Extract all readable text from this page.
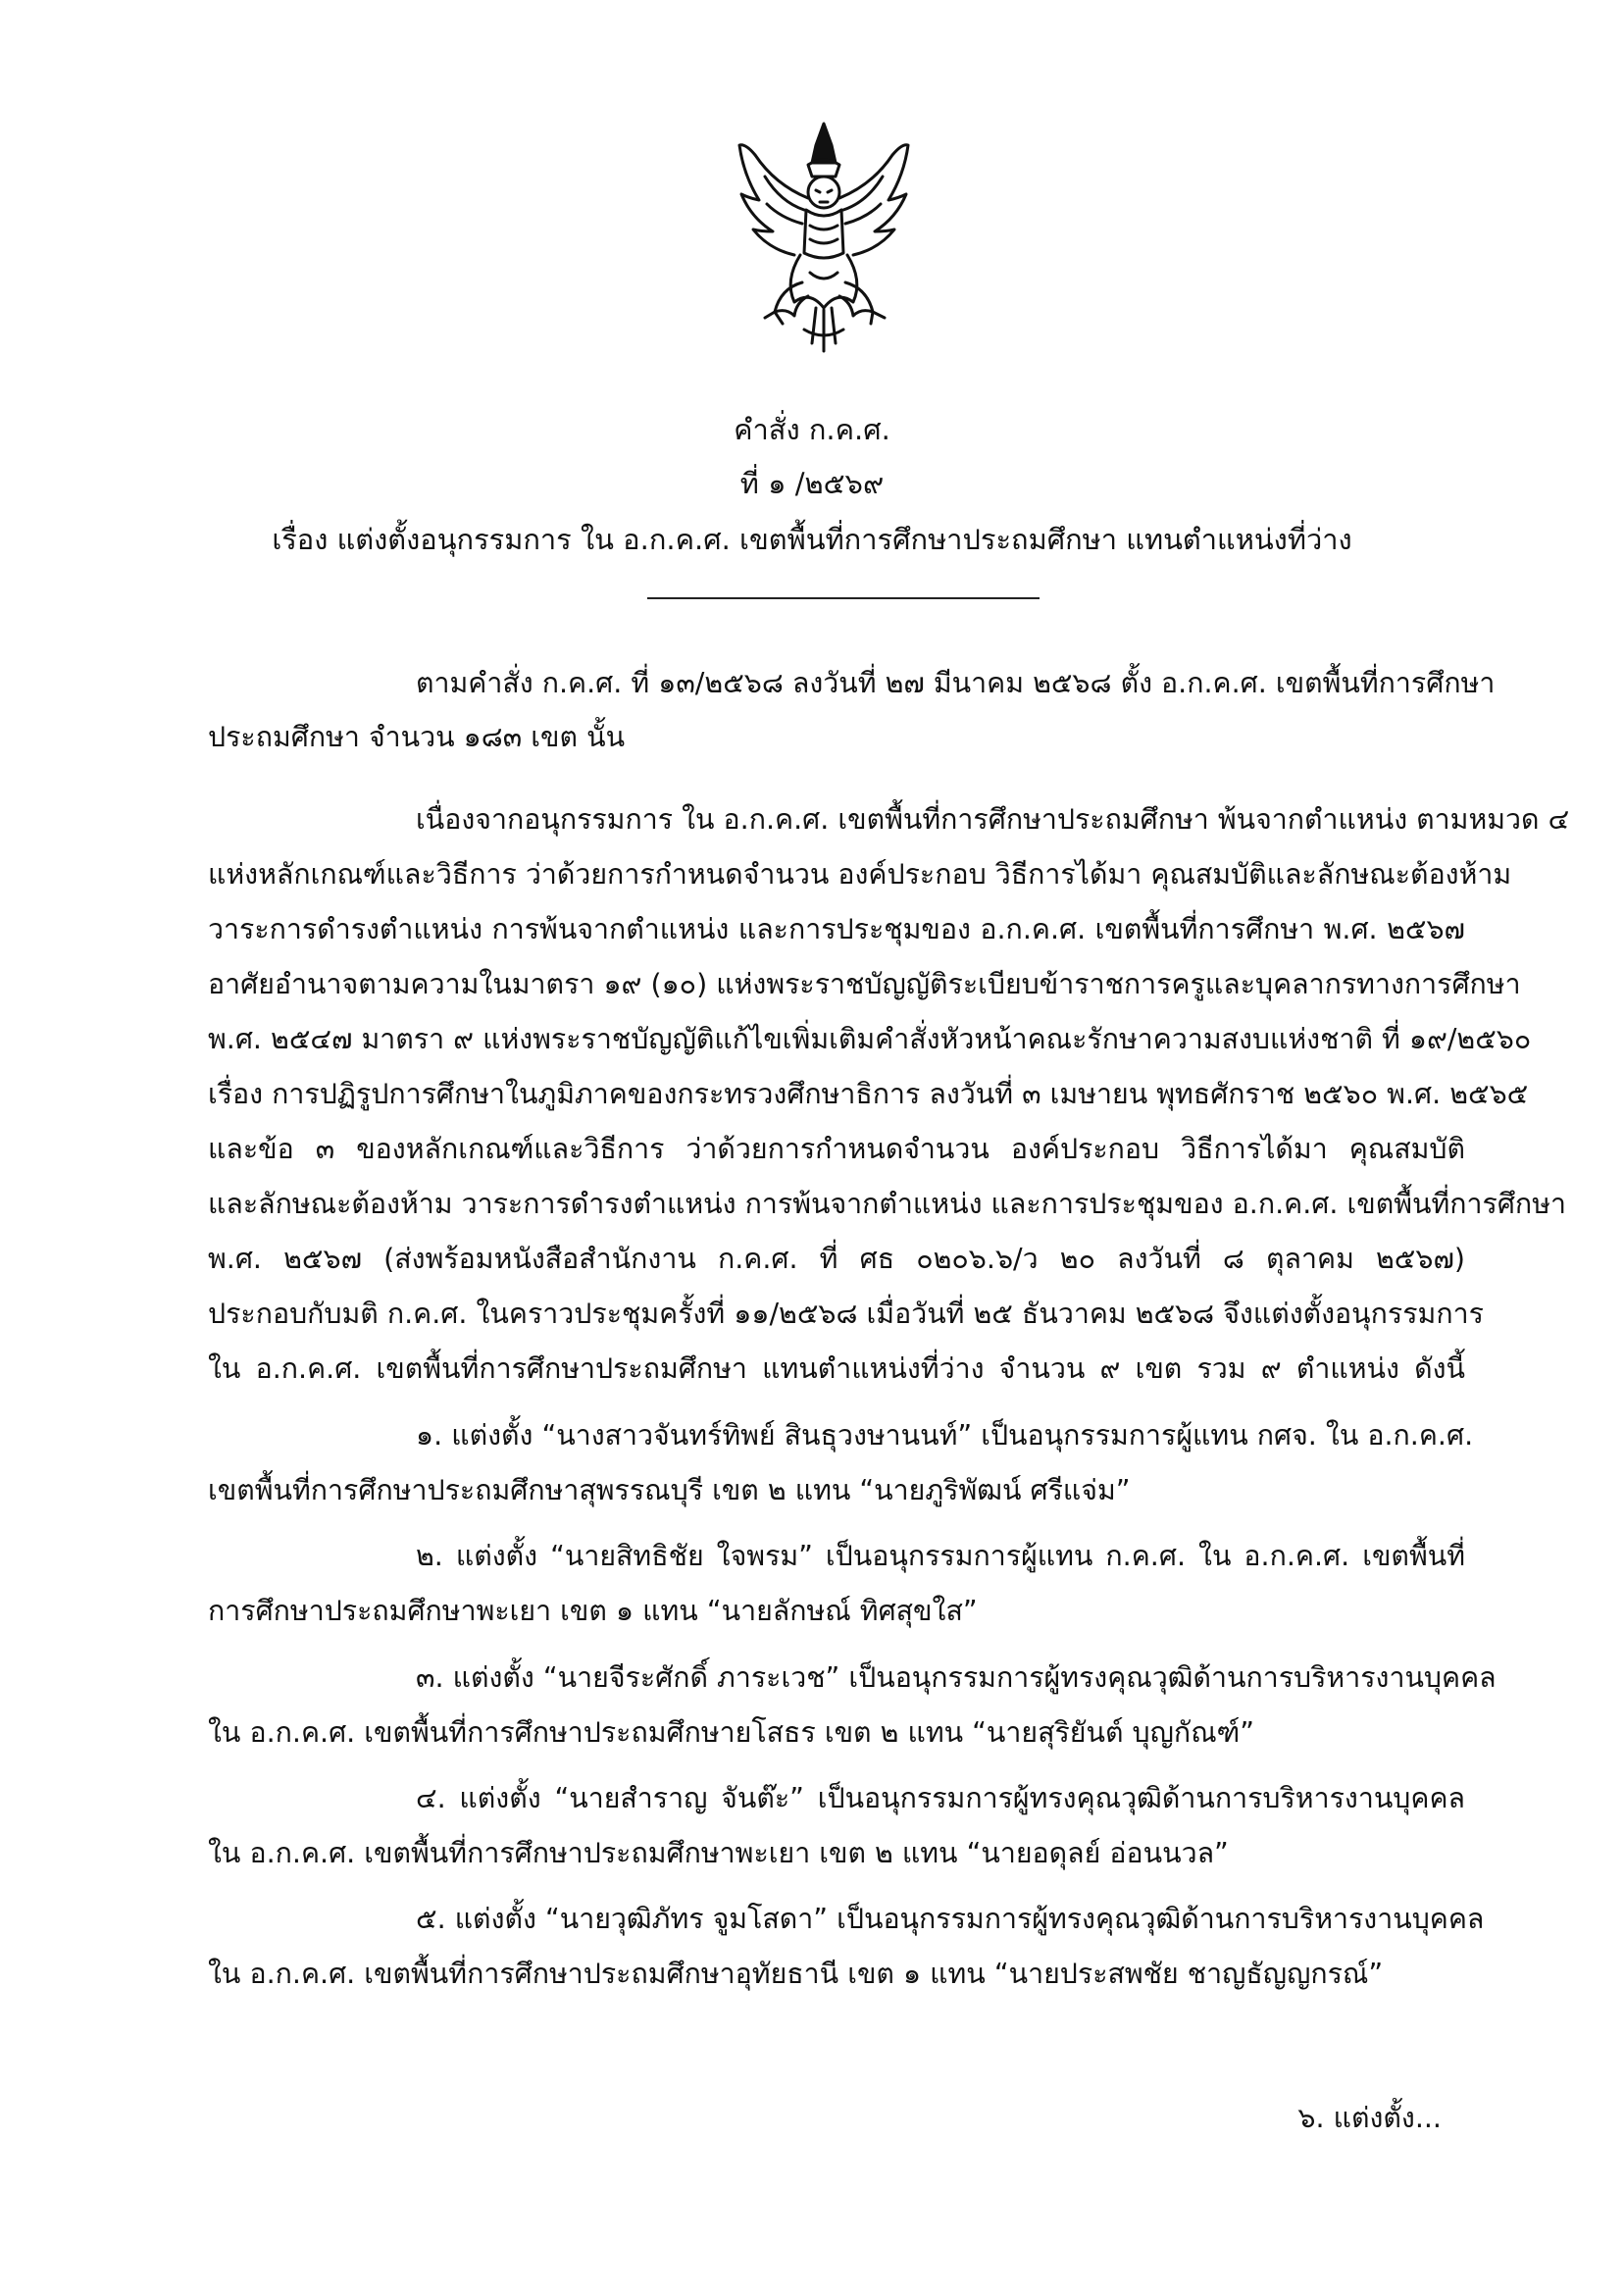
คำสั่ง ก.ค.ศ.
ที่ ๑ /๒๕๖๙
เรื่อง แต่งตั้งอนุกรรมการ ใน อ.ก.ค.ศ. เขตพื้นที่การศึกษาประถมศึกษา แทนตำแหน่งที่ว่าง
ตามคำสั่ง ก.ค.ศ. ที่ ๑๓/๒๕๖๘ ลงวันที่ ๒๗ มีนาคม ๒๕๖๘ ตั้ง อ.ก.ค.ศ. เขตพื้นที่การศึกษา
ประถมศึกษา จำนวน ๑๘๓ เขต นั้น
เนื่องจากอนุกรรมการ ใน อ.ก.ค.ศ. เขตพื้นที่การศึกษาประถมศึกษา พ้นจากตำแหน่ง ตามหมวด ๔
แห่งหลักเกณฑ์และวิธีการ ว่าด้วยการกำหนดจำนวน องค์ประกอบ วิธีการได้มา คุณสมบัติและลักษณะต้องห้าม
วาระการดำรงตำแหน่ง การพ้นจากตำแหน่ง และการประชุมของ อ.ก.ค.ศ. เขตพื้นที่การศึกษา พ.ศ. ๒๕๖๗
อาศัยอำนาจตามความในมาตรา ๑๙ (๑๐) แห่งพระราชบัญญัติระเบียบข้าราชการครูและบุคลากรทางการศึกษา
พ.ศ. ๒๕๔๗ มาตรา ๙ แห่งพระราชบัญญัติแก้ไขเพิ่มเติมคำสั่งหัวหน้าคณะรักษาความสงบแห่งชาติ ที่ ๑๙/๒๕๖๐
เรื่อง การปฏิรูปการศึกษาในภูมิภาคของกระทรวงศึกษาธิการ ลงวันที่ ๓ เมษายน พุทธศักราช ๒๕๖๐ พ.ศ. ๒๕๖๕
และข้อ ๓ ของหลักเกณฑ์และวิธีการ ว่าด้วยการกำหนดจำนวน องค์ประกอบ วิธีการได้มา คุณสมบัติ
และลักษณะต้องห้าม วาระการดำรงตำแหน่ง การพ้นจากตำแหน่ง และการประชุมของ อ.ก.ค.ศ. เขตพื้นที่การศึกษา
พ.ศ. ๒๕๖๗ (ส่งพร้อมหนังสือสำนักงาน ก.ค.ศ. ที่ ศธ ๐๒๐๖.๖/ว ๒๐ ลงวันที่ ๘ ตุลาคม ๒๕๖๗)
ประกอบกับมติ ก.ค.ศ. ในคราวประชุมครั้งที่ ๑๑/๒๕๖๘ เมื่อวันที่ ๒๕ ธันวาคม ๒๕๖๘ จึงแต่งตั้งอนุกรรมการ
ใน อ.ก.ค.ศ. เขตพื้นที่การศึกษาประถมศึกษา แทนตำแหน่งที่ว่าง จำนวน ๙ เขต รวม ๙ ตำแหน่ง ดังนี้
๑. แต่งตั้ง “นางสาวจันทร์ทิพย์ สินธุวงษานนท์” เป็นอนุกรรมการผู้แทน กศจ. ใน อ.ก.ค.ศ.
เขตพื้นที่การศึกษาประถมศึกษาสุพรรณบุรี เขต ๒ แทน “นายภูริพัฒน์ ศรีแจ่ม”
๒. แต่งตั้ง “นายสิทธิชัย ใจพรม” เป็นอนุกรรมการผู้แทน ก.ค.ศ. ใน อ.ก.ค.ศ. เขตพื้นที่
การศึกษาประถมศึกษาพะเยา เขต ๑ แทน “นายลักษณ์ ทิศสุขใส”
๓. แต่งตั้ง “นายจีระศักดิ์ ภาระเวช” เป็นอนุกรรมการผู้ทรงคุณวุฒิด้านการบริหารงานบุคคล
ใน อ.ก.ค.ศ. เขตพื้นที่การศึกษาประถมศึกษายโสธร เขต ๒ แทน “นายสุริยันต์ บุญกัณฑ์”
๔. แต่งตั้ง “นายสำราญ จันต๊ะ” เป็นอนุกรรมการผู้ทรงคุณวุฒิด้านการบริหารงานบุคคล
ใน อ.ก.ค.ศ. เขตพื้นที่การศึกษาประถมศึกษาพะเยา เขต ๒ แทน “นายอดุลย์ อ่อนนวล”
๕. แต่งตั้ง “นายวุฒิภัทร จูมโสดา” เป็นอนุกรรมการผู้ทรงคุณวุฒิด้านการบริหารงานบุคคล
ใน อ.ก.ค.ศ. เขตพื้นที่การศึกษาประถมศึกษาอุทัยธานี เขต ๑ แทน “นายประสพชัย ชาญธัญญกรณ์”
๖. แต่งตั้ง...
